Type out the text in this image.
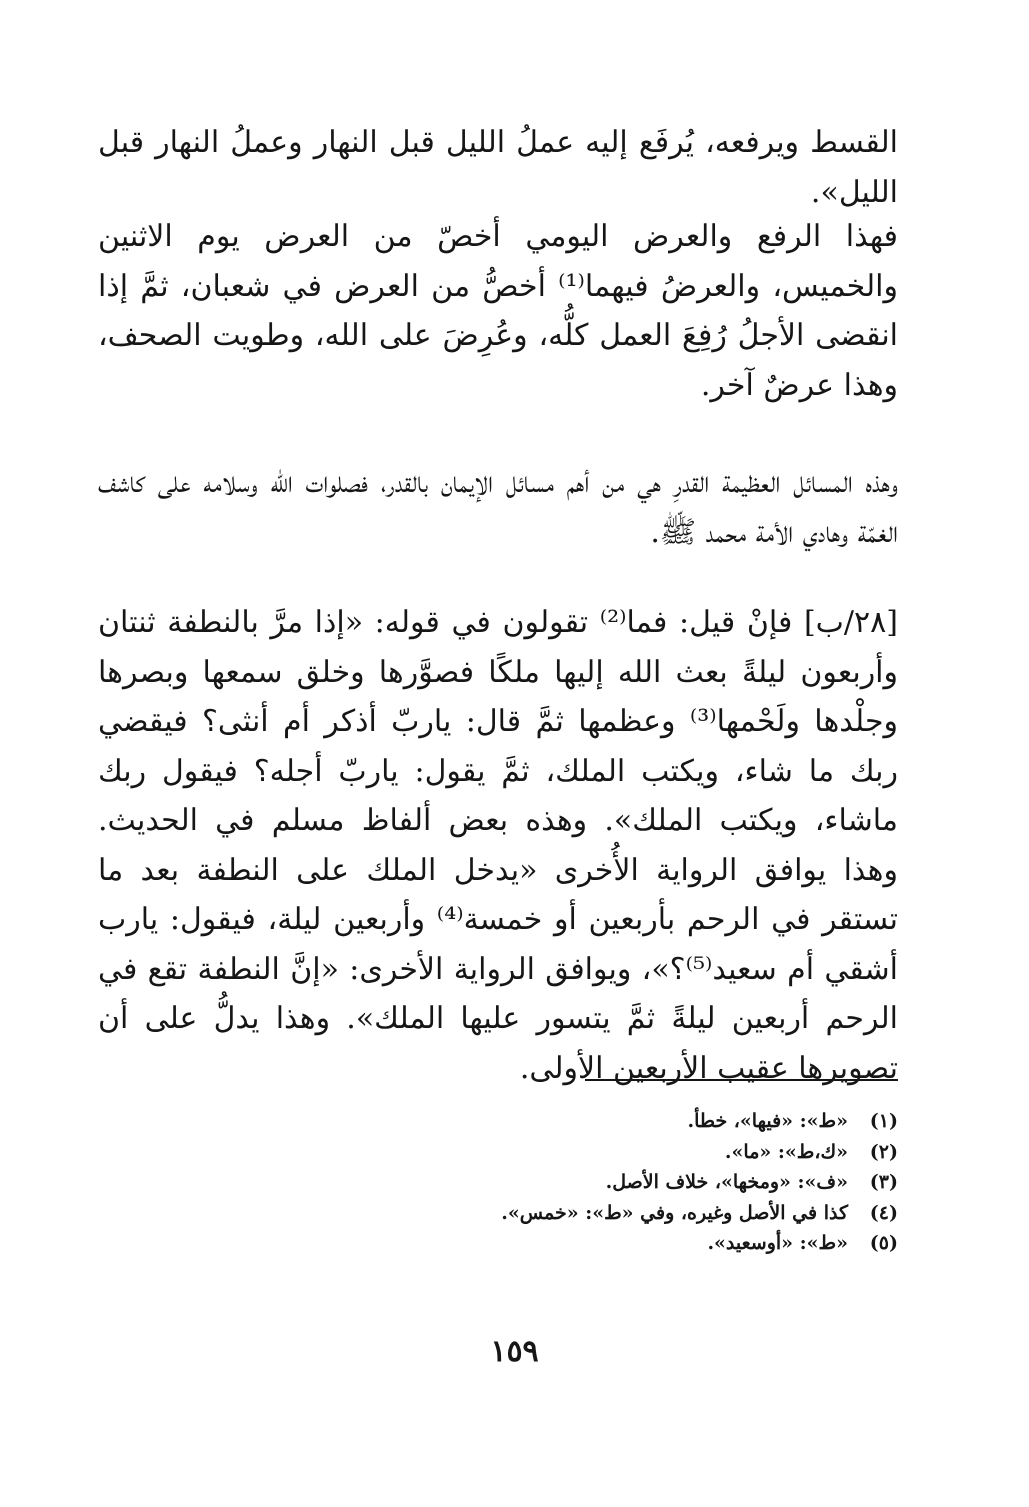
القسط ويرفعه، يُرفَع إليه عملُ الليل قبل النهار وعملُ النهار قبل الليل».

فهذا الرفع والعرض اليومي أخصّ من العرض يوم الاثنين والخميس، والعرضُ فيهما⁽¹⁾ أخصُّ من العرض في شعبان، ثمَّ إذا انقضى الأجلُ رُفِعَ العمل كلُّه، وعُرِضَ على الله، وطويت الصحف، وهذا عرضٌ آخر.

وهذه المسائل العظيمة القدرِ هي من أهم مسائل الإيمان بالقدر، فصلوات الله وسلامه على كاشف الغمّة وهادي الأمة محمد ﷺ.

[٢٨/ب] فإنْ قيل: فما⁽²⁾ تقولون في قوله: «إذا مرَّ بالنطفة ثنتان وأربعون ليلةً بعث الله إليها ملكًا فصوَّرها وخلق سمعها وبصرها وجلْدها ولَحْمها⁽³⁾ وعظمها ثمَّ قال: ياربّ أذكر أم أنثى؟ فيقضي ربك ما شاء، ويكتب الملك، ثمَّ يقول: ياربّ أجله؟ فيقول ربك ماشاء، ويكتب الملك». وهذه بعض ألفاظ مسلم في الحديث. وهذا يوافق الرواية الأُخرى «يدخل الملك على النطفة بعد ما تستقر في الرحم بأربعين أو خمسة⁽⁴⁾ وأربعين ليلة، فيقول: يارب أشقي أم سعيد⁽⁵⁾؟»، ويوافق الرواية الأخرى: «إنَّ النطفة تقع في الرحم أربعين ليلةً ثمَّ يتسور عليها الملك». وهذا يدلُّ على أن تصويرها عقيب الأربعين الأولى.

(١)
«ط»: «فيها»، خطأ.
(٢)
«ك،ط»: «ما».
(٣)
«ف»: «ومخها»، خلاف الأصل.
(٤)
كذا في الأصل وغيره، وفي «ط»: «خمس».
(٥)
«ط»: «أوسعيد».
١٥٩
